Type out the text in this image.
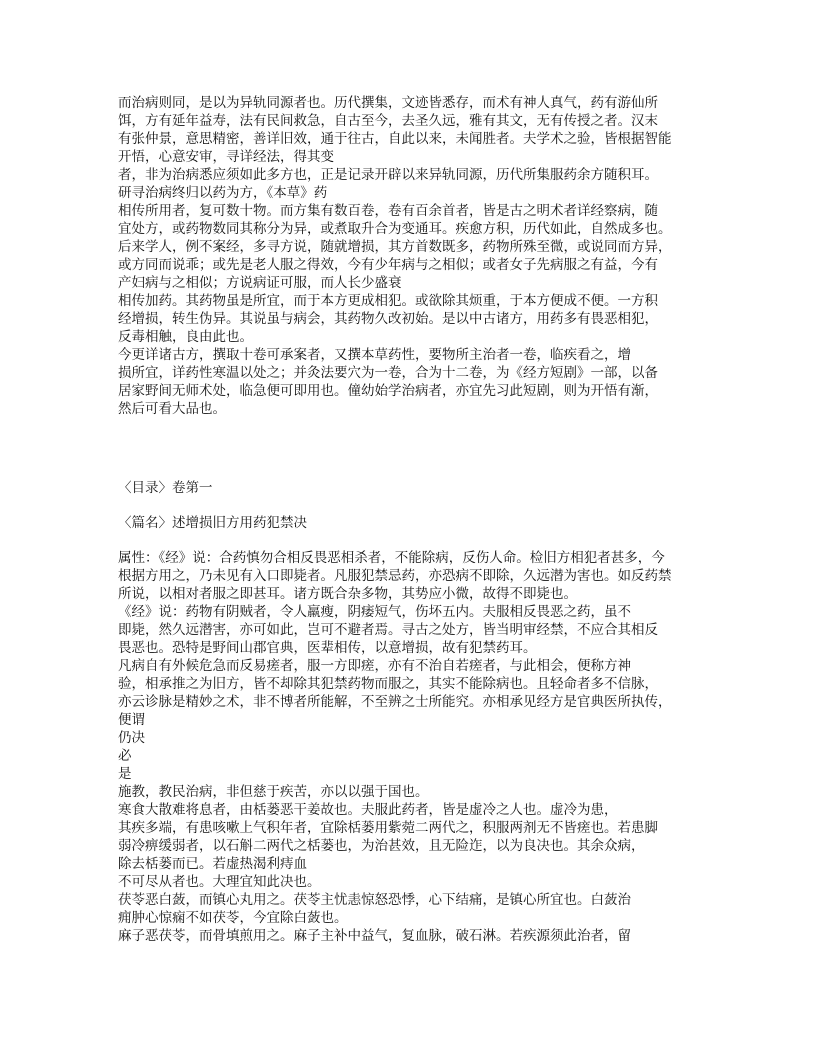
而治病则同，是以为异轨同源者也。历代撰集，文迹皆悉存，而术有神人真气，药有游仙所
饵，方有延年益寿，法有民间救急，自古至今，去圣久远，雅有其文，无有传授之者。汉末
有张仲景，意思精密，善详旧效，通于往古，自此以来，未闻胜者。夫学术之验，皆根据智能
开悟，心意安审，寻详经法，得其变
者，非为治病悉应须如此多方也，正是记录开辟以来异轨同源，历代所集服药余方随积耳。
研寻治病终归以药为方，《本草》药
相传所用者，复可数十物。而方集有数百卷，卷有百余首者，皆是古之明术者详经察病，随
宜处方，或药物数同其称分为异，或煮取升合为变通耳。疾愈方积，历代如此，自然成多也。
后来学人，例不案经，多寻方说，随就增损，其方首数既多，药物所殊至微，或说同而方异，
或方同而说乖；或先是老人服之得效，今有少年病与之相似；或者女子先病服之有益，今有
产妇病与之相似；方说病证可服，而人长少盛衰
相传加药。其药物虽是所宜，而于本方更成相犯。或欲除其烦重，于本方便成不便。一方积
经增损，转生伪异。其说虽与病会，其药物久改初始。是以中古诸方，用药多有畏恶相犯，
反毒相触，良由此也。
今更详诸古方，撰取十卷可承案者，又撰本草药性，要物所主治者一卷，临疾看之，增
损所宜，详药性寒温以处之；并灸法要穴为一卷，合为十二卷，为《经方短剧》一部，以备
居家野间无师术处，临急便可即用也。僮幼始学治病者，亦宜先习此短剧，则为开悟有渐，
然后可看大品也。
〈目录〉卷第一
〈篇名〉述增损旧方用药犯禁决
属性：《经》说：合药慎勿合相反畏恶相杀者，不能除病，反伤人命。检旧方相犯者甚多，今
根据方用之，乃未见有入口即毙者。凡服犯禁忌药，亦恐病不即除，久远潜为害也。如反药禁
所说，以相对者服之即甚耳。诸方既合杂多物，其势应小微，故得不即毙也。
《经》说：药物有阴贼者，令人羸瘦，阴痿短气，伤坏五内。夫服相反畏恶之药，虽不
即毙，然久远潜害，亦可如此，岂可不避者焉。寻古之处方，皆当明审经禁，不应合其相反
畏恶也。恐特是野间山郡官典，医辈相传，以意增损，故有犯禁药耳。
凡病自有外候危急而反易瘥者，服一方即瘥，亦有不治自若瘥者，与此相会，便称方神
验，相承推之为旧方，皆不却除其犯禁药物而服之，其实不能除病也。且轻命者多不信脉，
亦云诊脉是精妙之术，非不博者所能解，不至辨之士所能究。亦相承见经方是官典医所执传，
便谓
仍决
必
是
施教，教民治病，非但慈于疾苦，亦以以强于国也。
寒食大散难将息者，由栝蒌恶干姜故也。夫服此药者，皆是虚冷之人也。虚冷为患，
其疾多端，有患咳嗽上气积年者，宜除栝蒌用紫菀二两代之，积服两剂无不皆瘥也。若患脚
弱冷痹缓弱者，以石斛二两代之栝蒌也，为治甚效，且无险迮，以为良决也。其余众病，
除去栝蒌而已。若虚热渴利痔血
不可尽从者也。大理宜知此决也。
茯苓恶白蔹，而镇心丸用之。茯苓主忧恚惊怒恐悸，心下结痛，是镇心所宜也。白蔹治
痈肿心惊痫不如茯苓，今宜除白蔹也。
麻子恶茯苓，而骨填煎用之。麻子主补中益气，复血脉，破石淋。若疾源须此治者，留
